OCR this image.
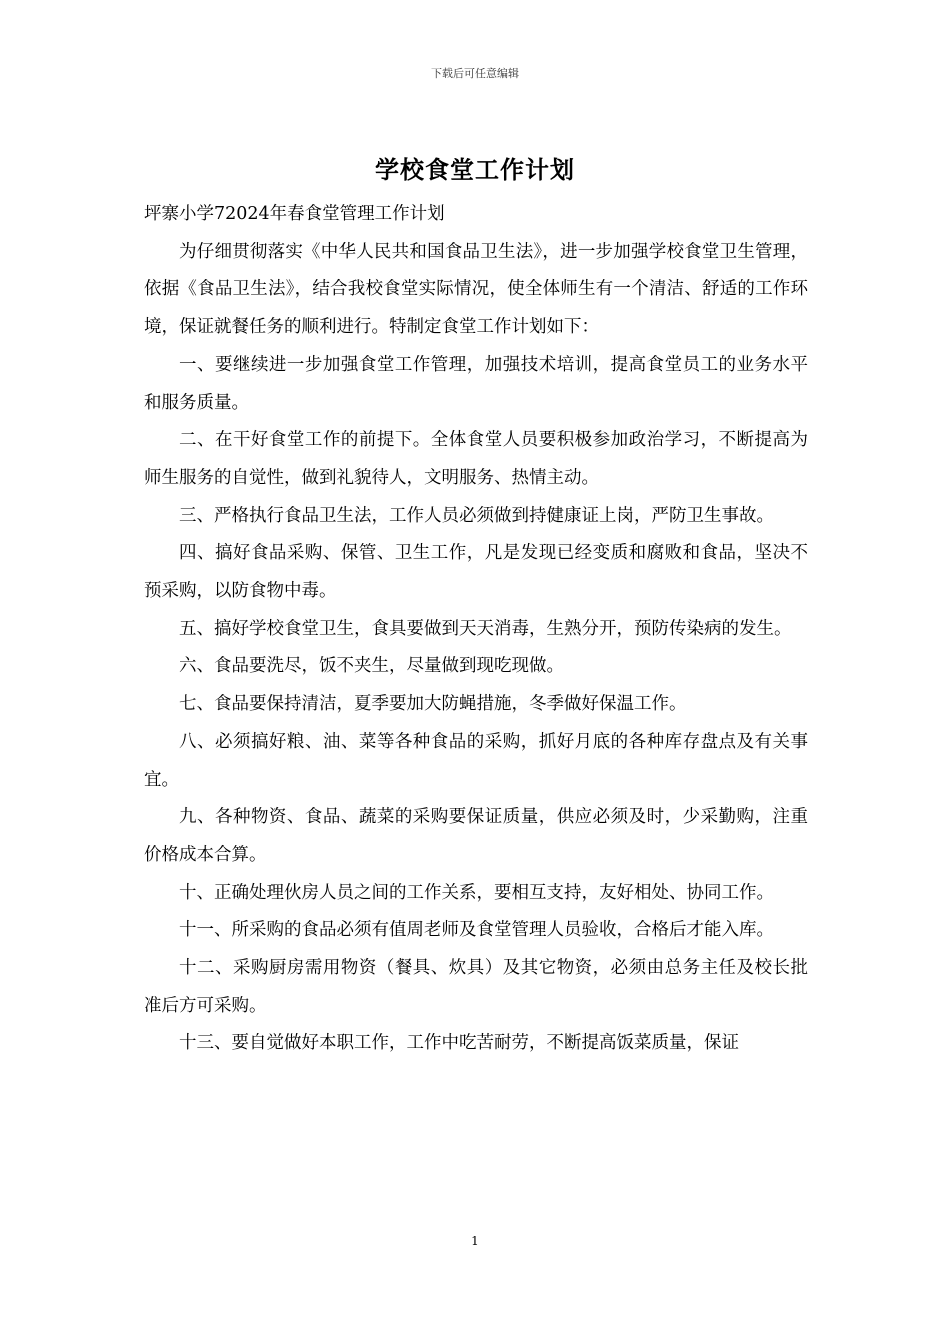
下载后可任意编辑
学校食堂工作计划

坪寨小学72024年春食堂管理工作计划

为仔细贯彻落实《中华人民共和国食品卫生法》，进一步加强学校食堂卫生管理，依据《食品卫生法》，结合我校食堂实际情况，使全体师生有一个清洁、舒适的工作环境，保证就餐任务的顺利进行。特制定食堂工作计划如下：

一、要继续进一步加强食堂工作管理，加强技术培训，提高食堂员工的业务水平和服务质量。

二、在干好食堂工作的前提下。全体食堂人员要积极参加政治学习，不断提高为师生服务的自觉性，做到礼貌待人，文明服务、热情主动。

三、严格执行食品卫生法，工作人员必须做到持健康证上岗，严防卫生事故。

四、搞好食品采购、保管、卫生工作，凡是发现已经变质和腐败和食品，坚决不预采购，以防食物中毒。

五、搞好学校食堂卫生，食具要做到天天消毒，生熟分开，预防传染病的发生。

六、食品要洗尽，饭不夹生，尽量做到现吃现做。

七、食品要保持清洁，夏季要加大防蝇措施，冬季做好保温工作。

八、必须搞好粮、油、菜等各种食品的采购，抓好月底的各种库存盘点及有关事宜。

九、各种物资、食品、蔬菜的采购要保证质量，供应必须及时，少采勤购，注重价格成本合算。

十、正确处理伙房人员之间的工作关系，要相互支持，友好相处、协同工作。

十一、所采购的食品必须有值周老师及食堂管理人员验收，合格后才能入库。

十二、采购厨房需用物资（餐具、炊具）及其它物资，必须由总务主任及校长批准后方可采购。

十三、要自觉做好本职工作，工作中吃苦耐劳，不断提高饭菜质量，保证

1
